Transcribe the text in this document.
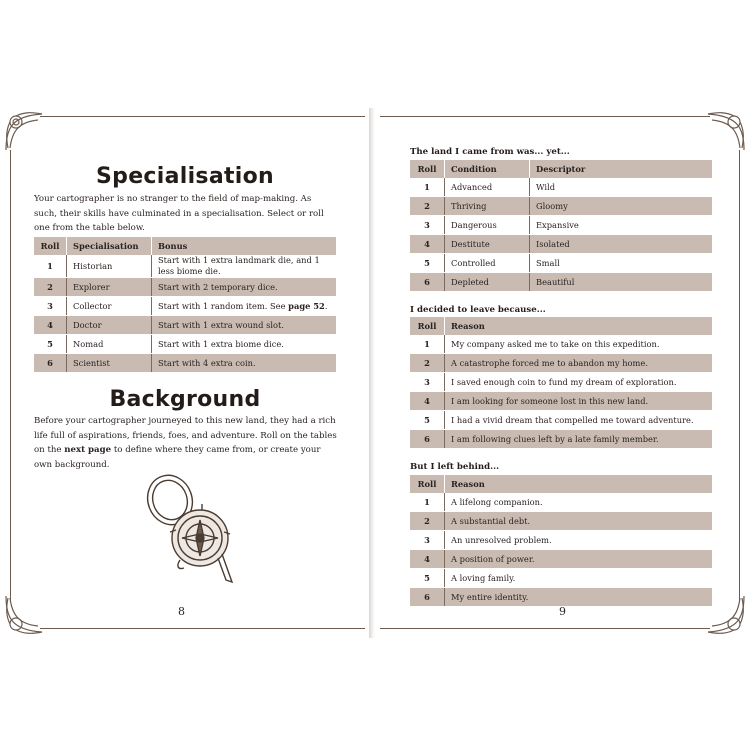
Specialisation

Your cartographer is no stranger to the field of map-making. As such, their skills have culminated in a specialisation. Select or roll one from the table below.

Roll	Specialisation	Bonus
1	Historian	Start with 1 extra landmark die, and 1 less biome die.
2	Explorer	Start with 2 temporary dice.
3	Collector	Start with 1 random item. See page 52.
4	Doctor	Start with 1 extra wound slot.
5	Nomad	Start with 1 extra biome dice.
6	Scientist	Start with 4 extra coin.
Background

Before your cartographer journeyed to this new land, they had a rich life full of aspirations, friends, foes, and adventure. Roll on the tables on the next page to define where they came from, or create your own background.

8
The land I came from was... yet...
Roll	Condition	Descriptor
1	Advanced	Wild
2	Thriving	Gloomy
3	Dangerous	Expansive
4	Destitute	Isolated
5	Controlled	Small
6	Depleted	Beautiful
I decided to leave because...
Roll	Reason
1	My company asked me to take on this expedition.
2	A catastrophe forced me to abandon my home.
3	I saved enough coin to fund my dream of exploration.
4	I am looking for someone lost in this new land.
5	I had a vivid dream that compelled me toward adventure.
6	I am following clues left by a late family member.
But I left behind...
Roll	Reason
1	A lifelong companion.
2	A substantial debt.
3	An unresolved problem.
4	A position of power.
5	A loving family.
6	My entire identity.
9
